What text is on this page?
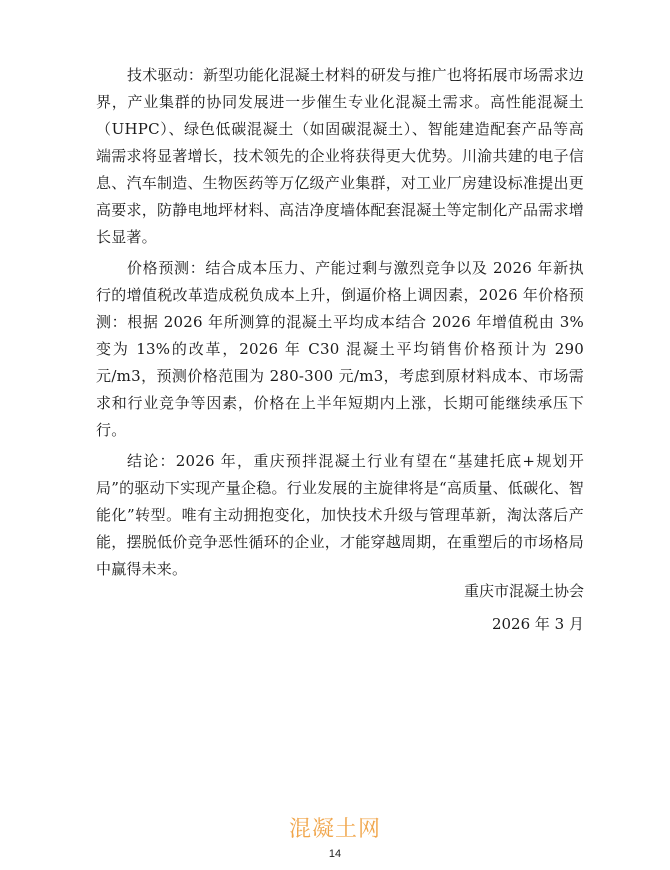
技术驱动：新型功能化混凝土材料的研发与推广也将拓展市场需求边界，产业集群的协同发展进一步催生专业化混凝土需求。高性能混凝土（UHPC）、绿色低碳混凝土（如固碳混凝土）、智能建造配套产品等高端需求将显著增长，技术领先的企业将获得更大优势。川渝共建的电子信息、汽车制造、生物医药等万亿级产业集群，对工业厂房建设标准提出更高要求，防静电地坪材料、高洁净度墙体配套混凝土等定制化产品需求增长显著。

价格预测：结合成本压力、产能过剩与激烈竞争以及 2026 年新执行的增值税改革造成税负成本上升，倒逼价格上调因素，2026 年价格预测：根据 2026 年所测算的混凝土平均成本结合 2026 年增值税由 3%变为 13%的改革，2026 年 C30 混凝土平均销售价格预计为 290 元/m3，预测价格范围为 280-300 元/m3，考虑到原材料成本、市场需求和行业竞争等因素，价格在上半年短期内上涨，长期可能继续承压下行。

结论：2026 年，重庆预拌混凝土行业有望在“基建托底+规划开局”的驱动下实现产量企稳。行业发展的主旋律将是“高质量、低碳化、智能化”转型。唯有主动拥抱变化，加快技术升级与管理革新，淘汰落后产能，摆脱低价竞争恶性循环的企业，才能穿越周期，在重塑后的市场格局中赢得未来。

重庆市混凝土协会
2026 年 3 月
混凝土网
14
